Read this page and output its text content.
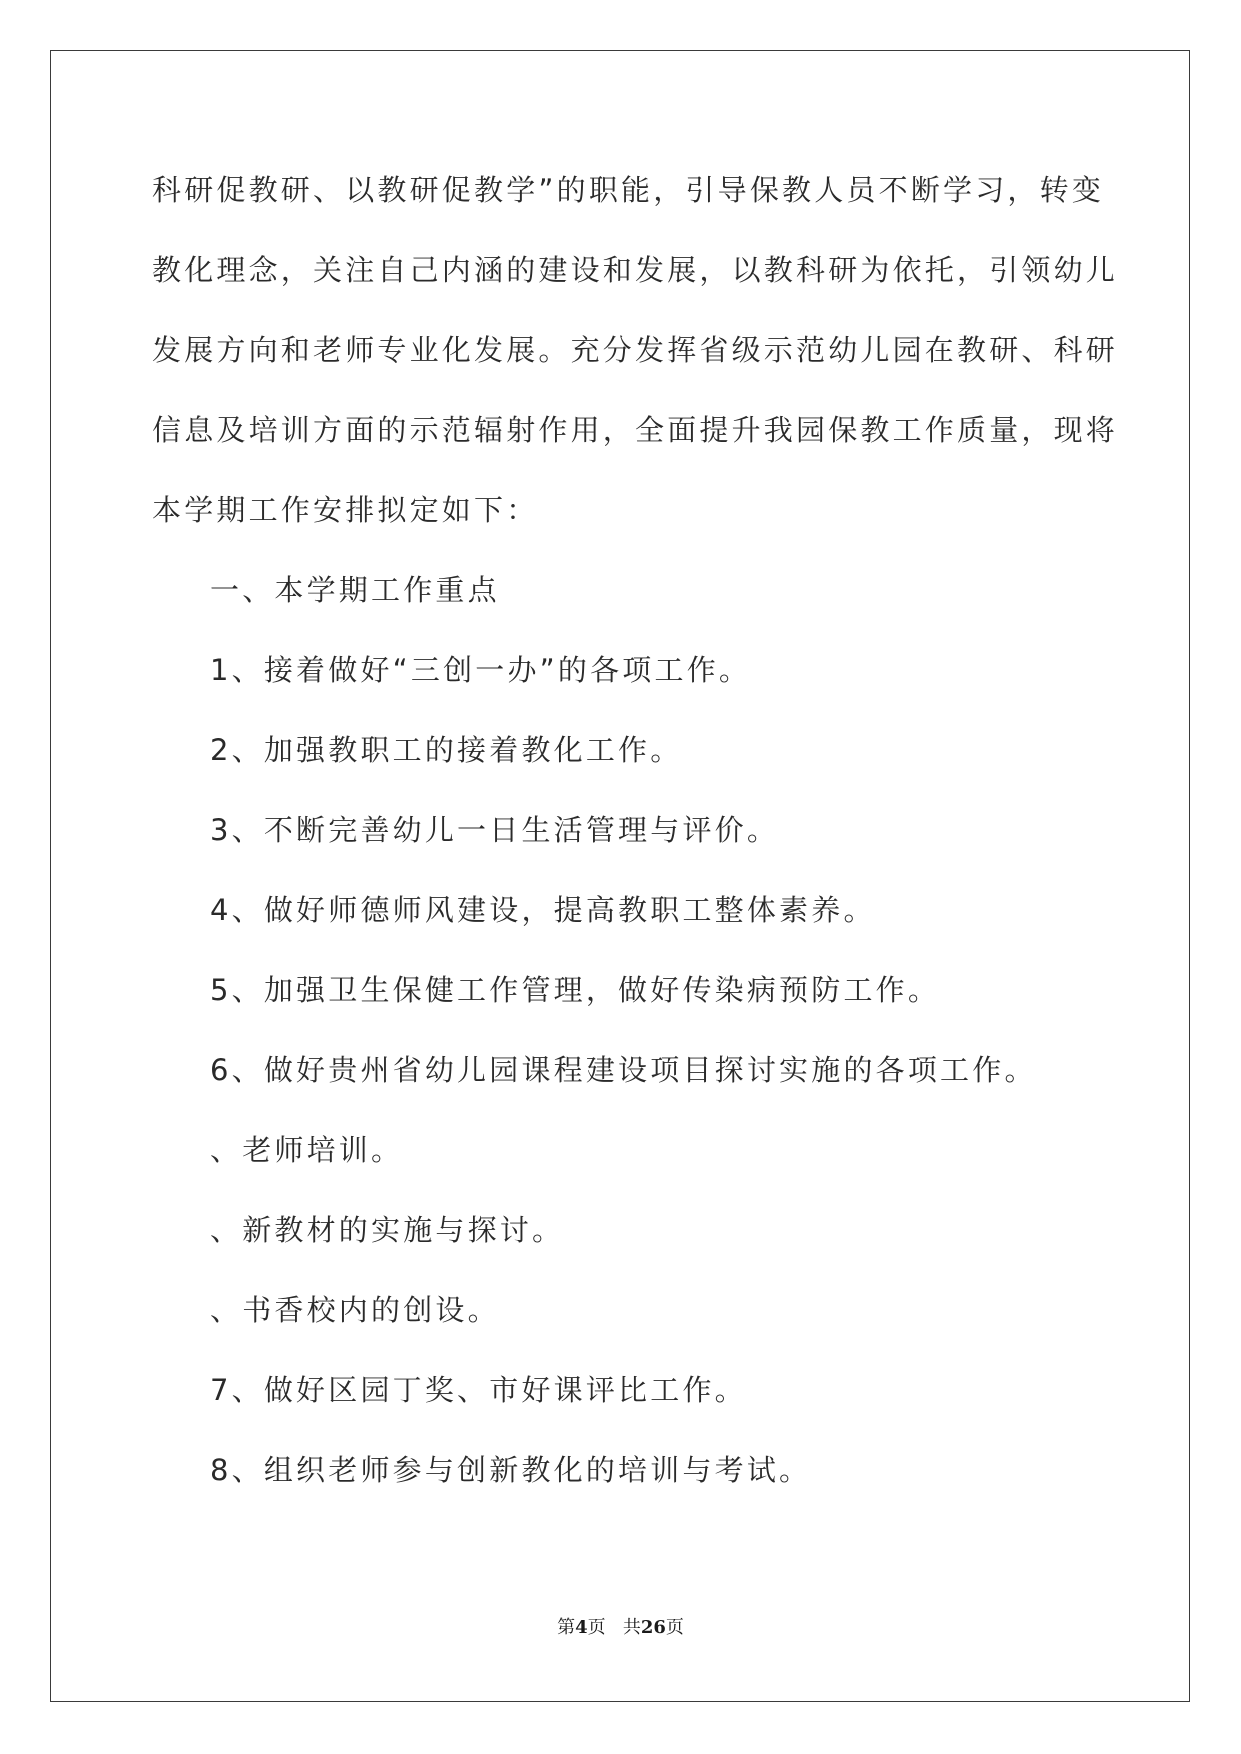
科研促教研、以教研促教学”的职能，引导保教人员不断学习，转变
教化理念，关注自己内涵的建设和发展，以教科研为依托，引领幼儿
发展方向和老师专业化发展。充分发挥省级示范幼儿园在教研、科研
信息及培训方面的示范辐射作用，全面提升我园保教工作质量，现将
本学期工作安排拟定如下：
一、本学期工作重点
1、接着做好“三创一办”的各项工作。
2、加强教职工的接着教化工作。
3、不断完善幼儿一日生活管理与评价。
4、做好师德师风建设，提高教职工整体素养。
5、加强卫生保健工作管理，做好传染病预防工作。
6、做好贵州省幼儿园课程建设项目探讨实施的各项工作。
、老师培训。
、新教材的实施与探讨。
、书香校内的创设。
7、做好区园丁奖、市好课评比工作。
8、组织老师参与创新教化的培训与考试。
第4页 共26页
